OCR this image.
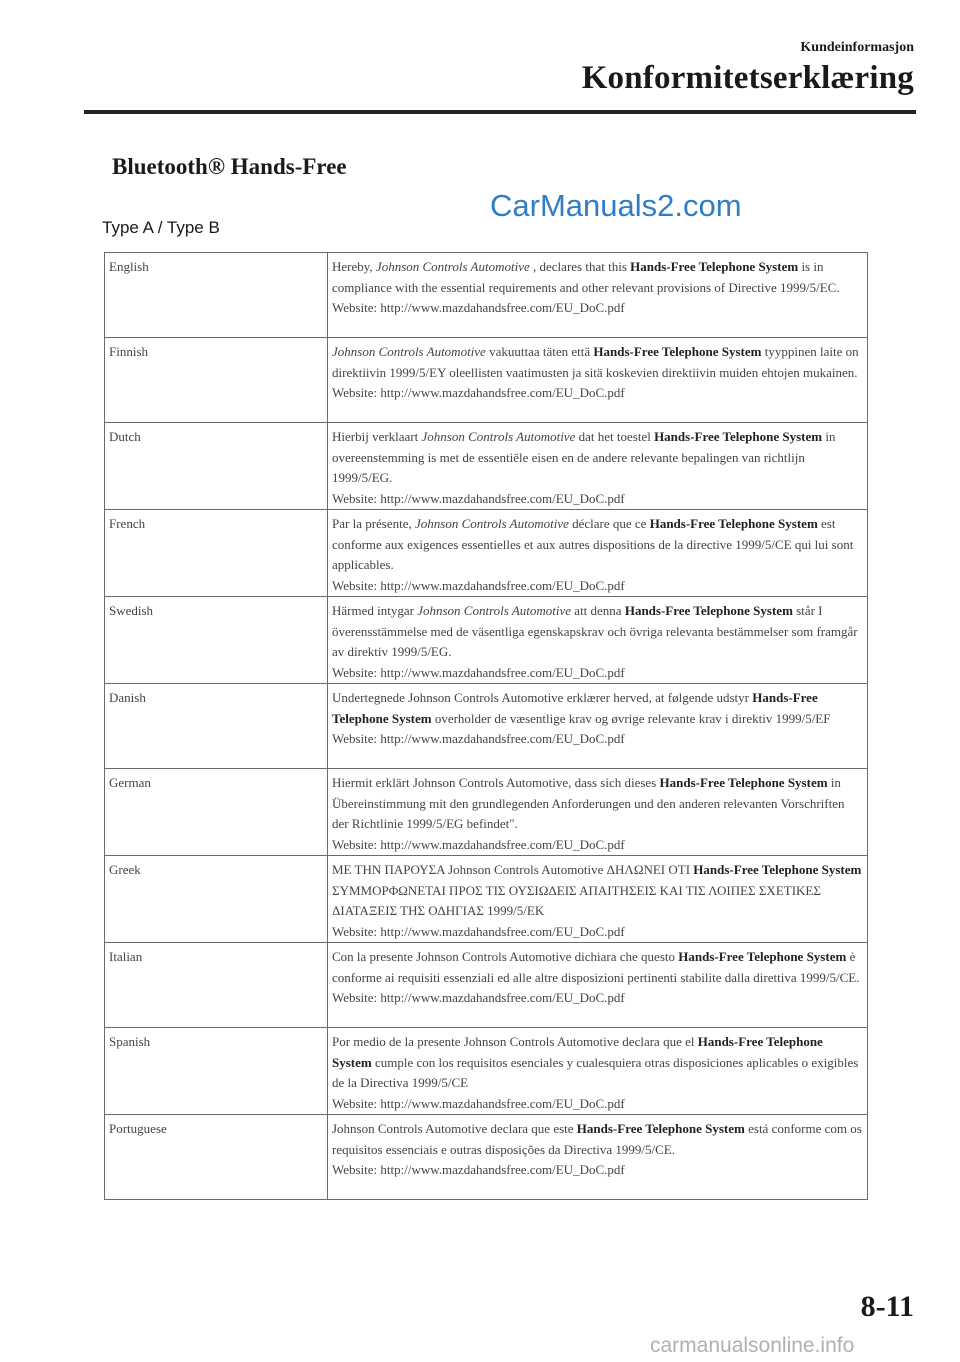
Kundeinformasjon
Konformitetserklæring
Bluetooth® Hands-Free
Type A / Type B
CarManuals2.com
English	Hereby, Johnson Controls Automotive , declares that this Hands-Free Telephone System is in compliance with the essential requirements and other relevant provisions of Directive 1999/5/EC.
Website: http://www.mazdahandsfree.com/EU_DoC.pdf

Finnish	Johnson Controls Automotive vakuuttaa täten että Hands-Free Telephone System tyyppinen laite on direktiivin 1999/5/EY oleellisten vaatimusten ja sitä koskevien direktiivin muiden ehtojen mukainen.
Website: http://www.mazdahandsfree.com/EU_DoC.pdf

Dutch	Hierbij verklaart Johnson Controls Automotive dat het toestel Hands-Free Telephone System in overeenstemming is met de essentiële eisen en de andere relevante bepalingen van richtlijn 1999/5/EG.
Website: http://www.mazdahandsfree.com/EU_DoC.pdf

French	Par la présente, Johnson Controls Automotive déclare que ce Hands-Free Telephone System est conforme aux exigences essentielles et aux autres dispositions de la directive 1999/5/CE qui lui sont applicables.
Website: http://www.mazdahandsfree.com/EU_DoC.pdf

Swedish	Härmed intygar Johnson Controls Automotive att denna Hands-Free Telephone System står I överensstämmelse med de väsentliga egenskapskrav och övriga relevanta bestämmelser som framgår av direktiv 1999/5/EG.
Website: http://www.mazdahandsfree.com/EU_DoC.pdf

Danish	Undertegnede Johnson Controls Automotive erklærer herved, at følgende udstyr Hands-Free Telephone System overholder de væsentlige krav og øvrige relevante krav i direktiv 1999/5/EF
Website: http://www.mazdahandsfree.com/EU_DoC.pdf

German	Hiermit erklärt Johnson Controls Automotive, dass sich dieses Hands-Free Telephone System in Übereinstimmung mit den grundlegenden Anforderungen und den anderen relevanten Vorschriften der Richtlinie 1999/5/EG befindet".
Website: http://www.mazdahandsfree.com/EU_DoC.pdf

Greek	ΜΕ ΤΗΝ ΠΑΡΟΥΣΑ Johnson Controls Automotive ΔΗΛΩΝΕΙ ΟΤΙ Hands-Free Telephone System ΣΥΜΜΟΡΦΩΝΕΤΑΙ ΠΡΟΣ ΤΙΣ ΟΥΣΙΩΔΕΙΣ ΑΠΑΙΤΗΣΕΙΣ ΚΑΙ ΤΙΣ ΛΟΙΠΕΣ ΣΧΕΤΙΚΕΣ ΔΙΑΤΑΞΕΙΣ ΤΗΣ ΟΔΗΓΙΑΣ 1999/5/ΕΚ
Website: http://www.mazdahandsfree.com/EU_DoC.pdf

Italian	Con la presente Johnson Controls Automotive dichiara che questo Hands-Free Telephone System è conforme ai requisiti essenziali ed alle altre disposizioni pertinenti stabilite dalla direttiva 1999/5/CE.
Website: http://www.mazdahandsfree.com/EU_DoC.pdf

Spanish	Por medio de la presente Johnson Controls Automotive declara que el Hands-Free Telephone System cumple con los requisitos esenciales y cualesquiera otras disposiciones aplicables o exigibles de la Directiva 1999/5/CE
Website: http://www.mazdahandsfree.com/EU_DoC.pdf

Portuguese	Johnson Controls Automotive declara que este Hands-Free Telephone System está conforme com os requisitos essenciais e outras disposições da Directiva 1999/5/CE.
Website: http://www.mazdahandsfree.com/EU_DoC.pdf
8-11
carmanualsonline.info
